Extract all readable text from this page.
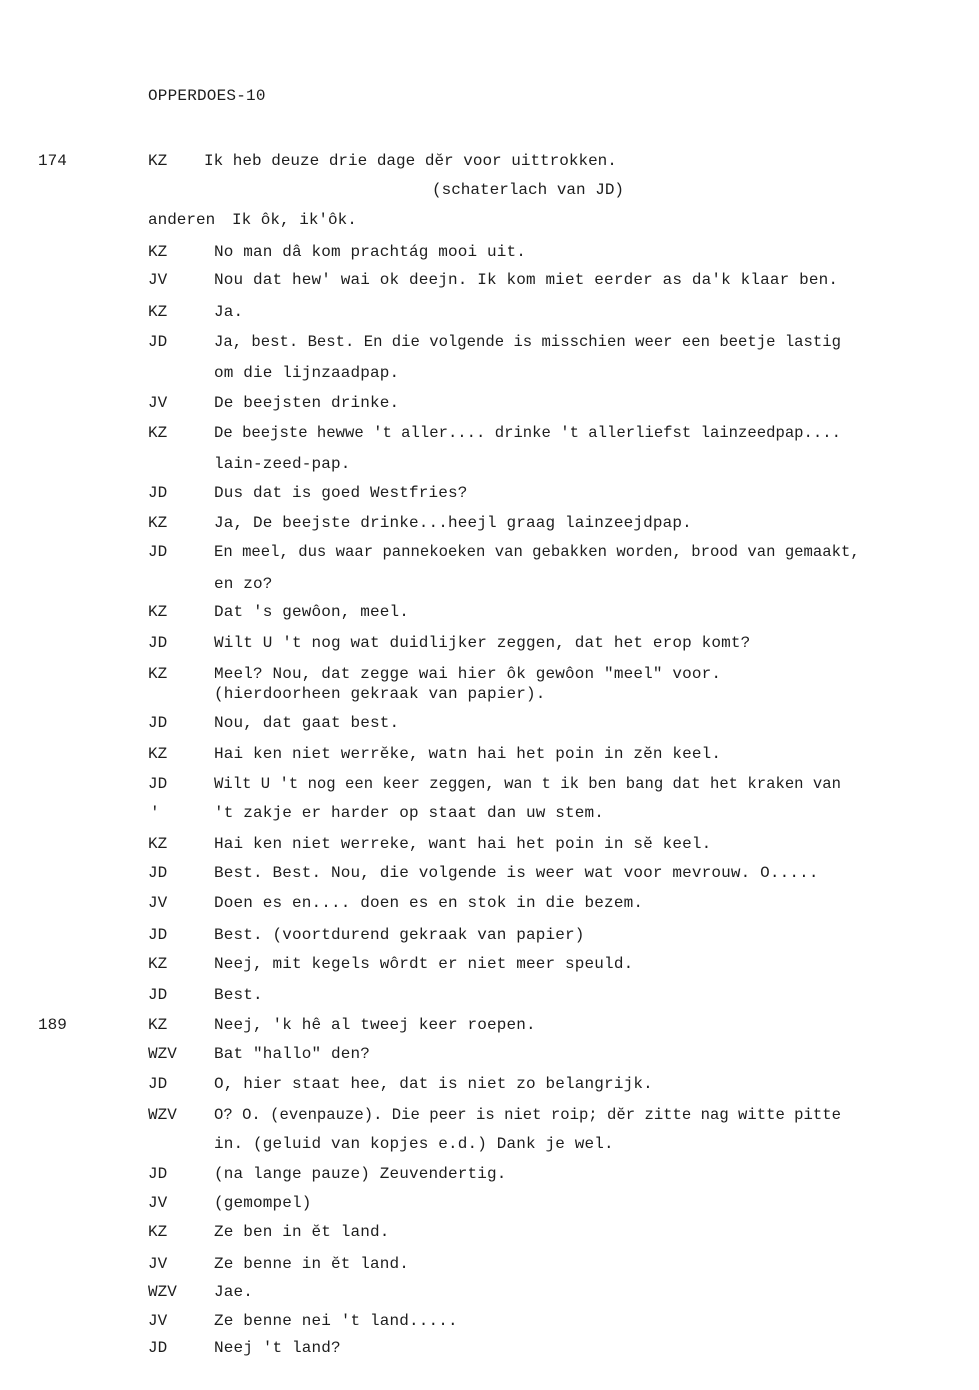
OPPERDOES-10
174	KZ Ik heb deuze drie dage dĕr voor uittrokken.
(schaterlach van JD)
anderen Ik ôk, ik'ôk.
KZ	No man dâ kom prachtág mooi uit.
JV	Nou dat hew' wai ok deejn. Ik kom miet eerder as da'k klaar ben.
KZ	Ja.
JD	Ja, best. Best. En die volgende is misschien weer een beetje lastig
om die lijnzaadpap.
JV	De beejsten drinke.
KZ	De beejste hewwe 't aller.... drinke 't allerliefst lainzeedpap....
lain-zeed-pap.
JD	Dus dat is goed Westfries?
KZ	Ja, De beejste drinke...heejl graag lainzeejdpap.
JD	En meel, dus waar pannekoeken van gebakken worden, brood van gemaakt,
en zo?
KZ	Dat 's gewôon, meel.
JD	Wilt U 't nog wat duidlijker zeggen, dat het erop komt?
KZ	Meel? Nou, dat zegge wai hier ôk gewôon "meel" voor.
(hierdoorheen gekraak van papier).
JD	Nou, dat gaat best.
KZ	Hai ken niet werrĕke, watn hai het poin in zĕn keel.
JD	Wilt U 't nog een keer zeggen, wan t ik ben bang dat het kraken van
'	't zakje er harder op staat dan uw stem.
KZ	Hai ken niet werreke, want hai het poin in sĕ keel.
JD	Best. Best. Nou, die volgende is weer wat voor mevrouw. O.....
JV	Doen es en.... doen es en stok in die bezem.
JD	Best. (voortdurend gekraak van papier)
KZ	Neej, mit kegels wôrdt er niet meer speuld.
JD	Best.
189	KZ	Neej, 'k hê al tweej keer roepen.
WZV Bat "hallo" den?
JD	O, hier staat hee, dat is niet zo belangrijk.
WZV O? O. (evenpauze). Die peer is niet roip; dĕr zitte nag witte pitte
in. (geluid van kopjes e.d.) Dank je wel.
JD	(na lange pauze) Zeuvendertig.
JV	(gemompel)
KZ	Ze ben in ĕt land.
JV	Ze benne in ĕt land.
WZV Jae.
JV	Ze benne nei 't land.....
JD	Neej 't land?
